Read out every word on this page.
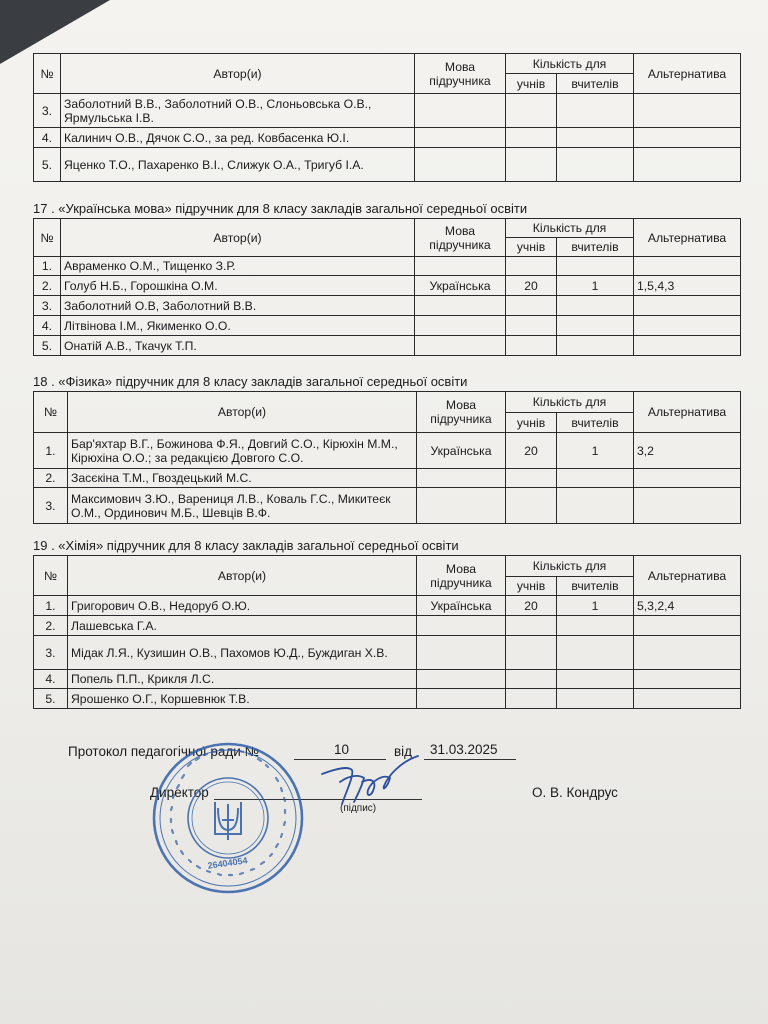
№	Автор(и)	Мова підручника	Кількість для		Альтернатива
			учнів	вчителів	
3.	Заболотний В.В., Заболотний О.В., Слоньовська О.В., Ярмульська І.В.				
4.	Калинич О.В., Дячок С.О., за ред. Ковбасенка Ю.І.				
5.	Яценко Т.О., Пахаренко В.І., Слижук О.А., Тригуб І.А.				
17 . «Українська мова» підручник для 8 класу закладів загальної середньої освіти
№	Автор(и)	Мова підручника	Кількість для		Альтернатива
			учнів	вчителів	
1.	Авраменко О.М., Тищенко З.Р.				
2.	Голуб Н.Б., Горошкіна О.М.	Українська	20	1	1,5,4,3
3.	Заболотний О.В, Заболотний В.В.				
4.	Літвінова І.М., Якименко О.О.				
5.	Онатій А.В., Ткачук Т.П.				
18 . «Фізика» підручник для 8 класу закладів загальної середньої освіти
№	Автор(и)	Мова підручника	Кількість для		Альтернатива
			учнів	вчителів	
1.	Бар'яхтар В.Г., Божинова Ф.Я., Довгий С.О., Кірюхін М.М., Кірюхіна О.О.; за редакцією Довгого С.О.	Українська	20	1	3,2
2.	Засєкіна Т.М., Гвоздецький М.С.				
3.	Максимович З.Ю., Варениця Л.В., Коваль Г.С., Микитеєк О.М., Ординович М.Б., Шевців В.Ф.				
19 . «Хімія» підручник для 8 класу закладів загальної середньої освіти
№	Автор(и)	Мова підручника	Кількість для		Альтернатива
			учнів	вчителів	
1.	Григорович О.В., Недоруб О.Ю.	Українська	20	1	5,3,2,4
2.	Лашевська Г.А.				
3.	Мідак Л.Я., Кузишин О.В., Пахомов Ю.Д., Буждиган Х.В.				
4.	Попель П.П., Крикля Л.С.				
5.	Ярошенко О.Г., Коршевнюк Т.В.				
Протокол педагогічної ради №	10	від 31.03.2025
Директор
(підпис)
О. В. Кондрус
26404054
